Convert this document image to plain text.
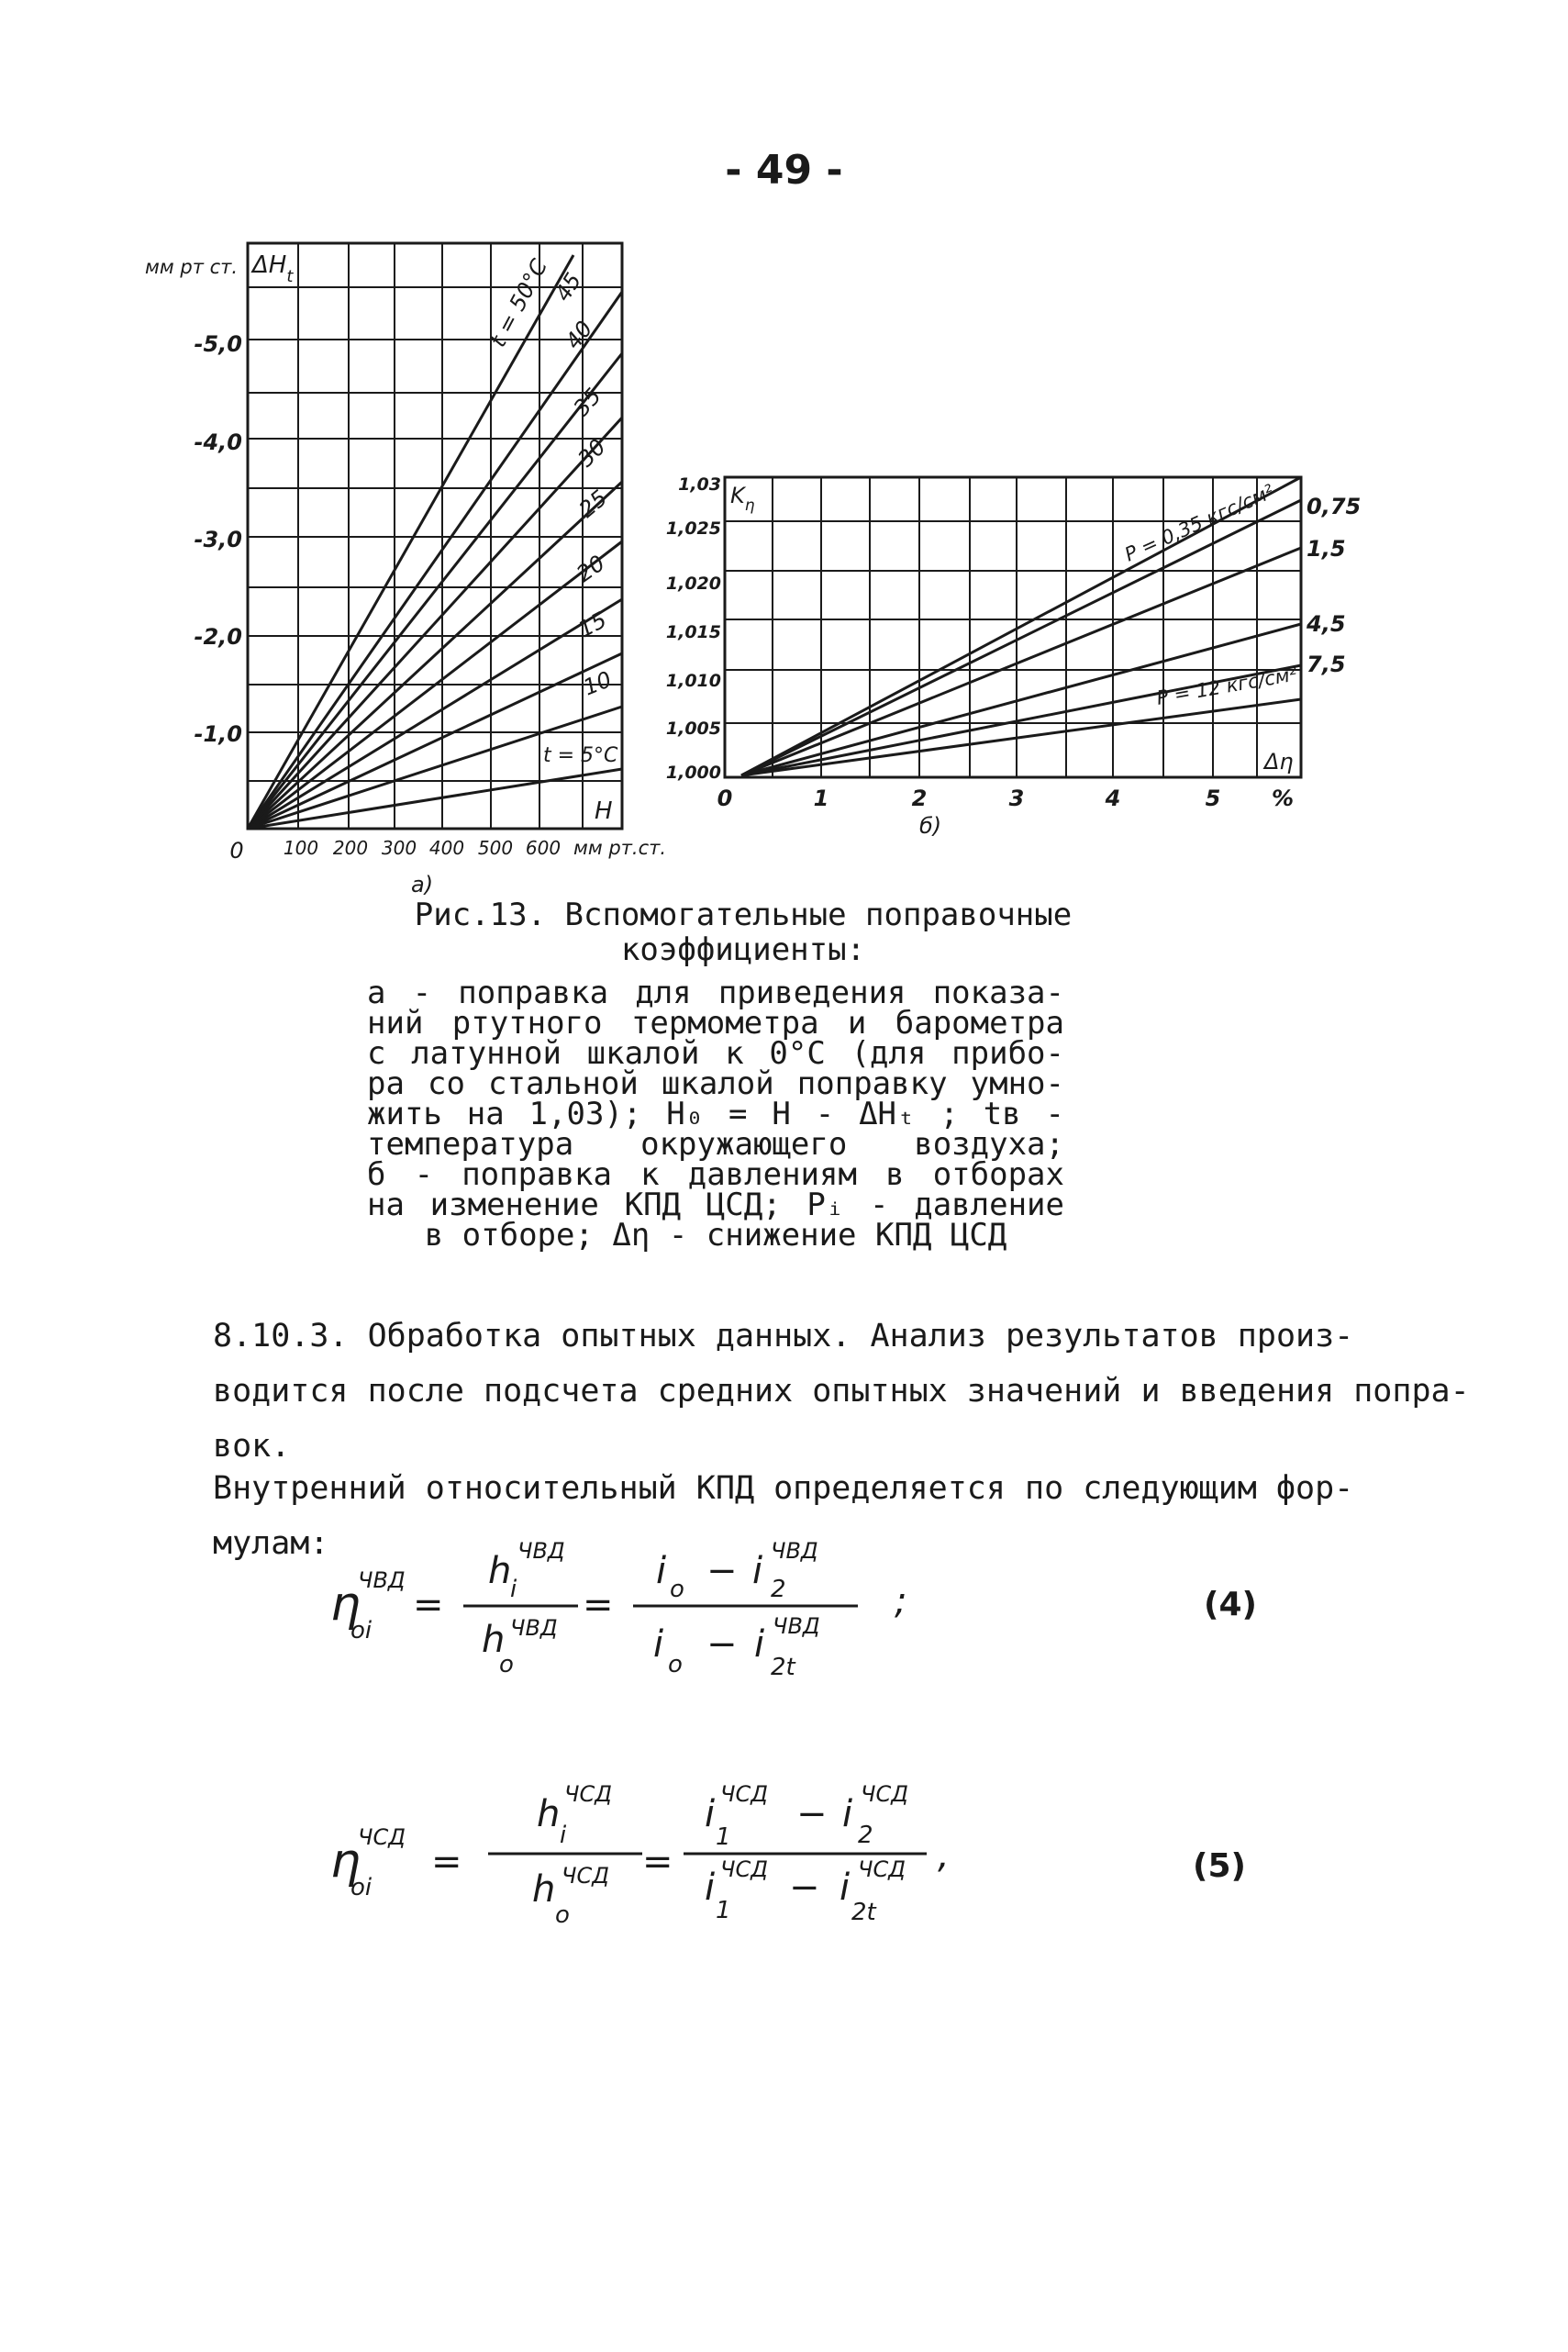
- 49 -
мм рт ст. $\Delta H_t$	t = 50°C
45
40
35
30
25
20
15
10
t = 5°C
-5,0
-4,0
-3,0
-2,0
-1,0
H
0 100 200 300 400 500 600 мм рт.ст.
а)
P = 0,35 кгс/см²
P = 12 кгс/см²
0,75
1,5
4,5
7,5
$K_\eta$
1,03
1,025
1,020
1,015
1,010
1,005
1,000	Δη
0	1	2	3	4	5 %
б)
Рис.13. Вспомогательные поправочные
коэффициенты:
а - поправка для приведения показа-
ний ртутного термометра и барометра
с латунной шкалой к 0°С (для прибо-
ра со стальной шкалой поправку умно-
жить на 1,03); H₀ = H - ΔHₜ ; tв -
температура окружающего воздуха;
б - поправка к давлениям в отборах
на изменение КПД ЦСД; Pᵢ - давление
в отборе; Δη - снижение КПД ЦСД
8.10.3. Обработка опытных данных. Анализ результатов произ-
водится после подсчета средних опытных значений и введения попра-
вок.
Внутренний относительный КПД определяется по следующим фор-
мулам:
η
ЧВД
oi
=
h ЧВД
i
h ЧВД
o
=
i o − i ЧВД
2
i o − i ЧВД
2t
;	(4)
η
ЧСД
oi
=
h ЧСД
i
h ЧСД
o
=
i ЧСД
1
− i ЧСД
2
i ЧСД
1
− i ЧСД
2t
,	(5)
